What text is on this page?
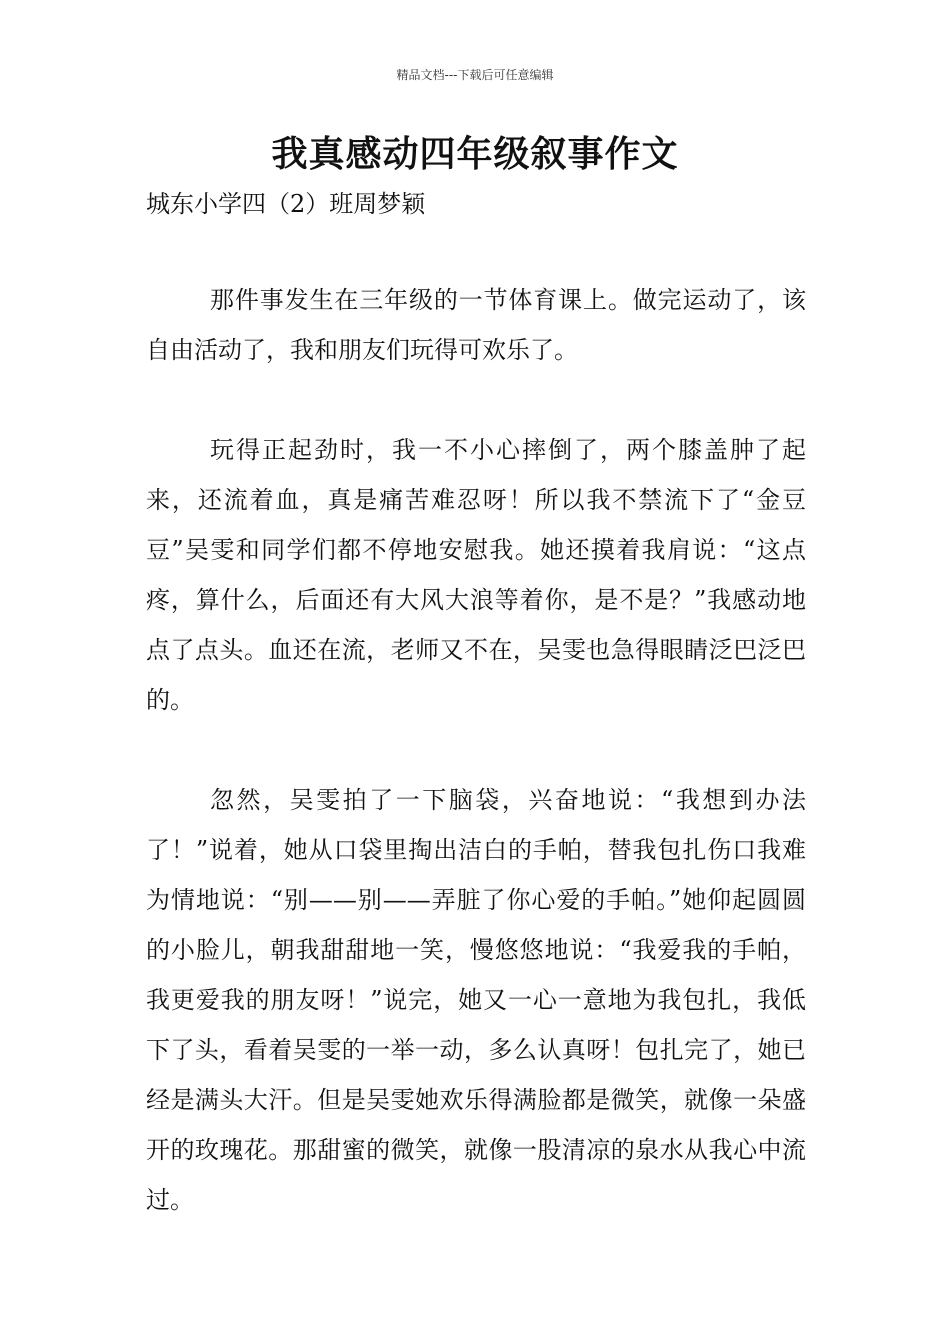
精品文档---下载后可任意编辑
我真感动四年级叙事作文
城东小学四（2）班周梦颖

那件事发生在三年级的一节体育课上。做完运动了，该自由活动了，我和朋友们玩得可欢乐了。

玩得正起劲时，我一不小心摔倒了，两个膝盖肿了起来，还流着血，真是痛苦难忍呀！所以我不禁流下了“金豆豆”吴雯和同学们都不停地安慰我。她还摸着我肩说：“这点疼，算什么，后面还有大风大浪等着你，是不是？”我感动地点了点头。血还在流，老师又不在，吴雯也急得眼睛泛巴泛巴的。

忽然，吴雯拍了一下脑袋，兴奋地说：“我想到办法了！”说着，她从口袋里掏出洁白的手帕，替我包扎伤口我难为情地说：“别——别——弄脏了你心爱的手帕。”她仰起圆圆的小脸儿，朝我甜甜地一笑，慢悠悠地说：“我爱我的手帕，我更爱我的朋友呀！”说完，她又一心一意地为我包扎，我低下了头，看着吴雯的一举一动，多么认真呀！包扎完了，她已经是满头大汗。但是吴雯她欢乐得满脸都是微笑，就像一朵盛开的玫瑰花。那甜蜜的微笑，就像一股清凉的泉水从我心中流过。
